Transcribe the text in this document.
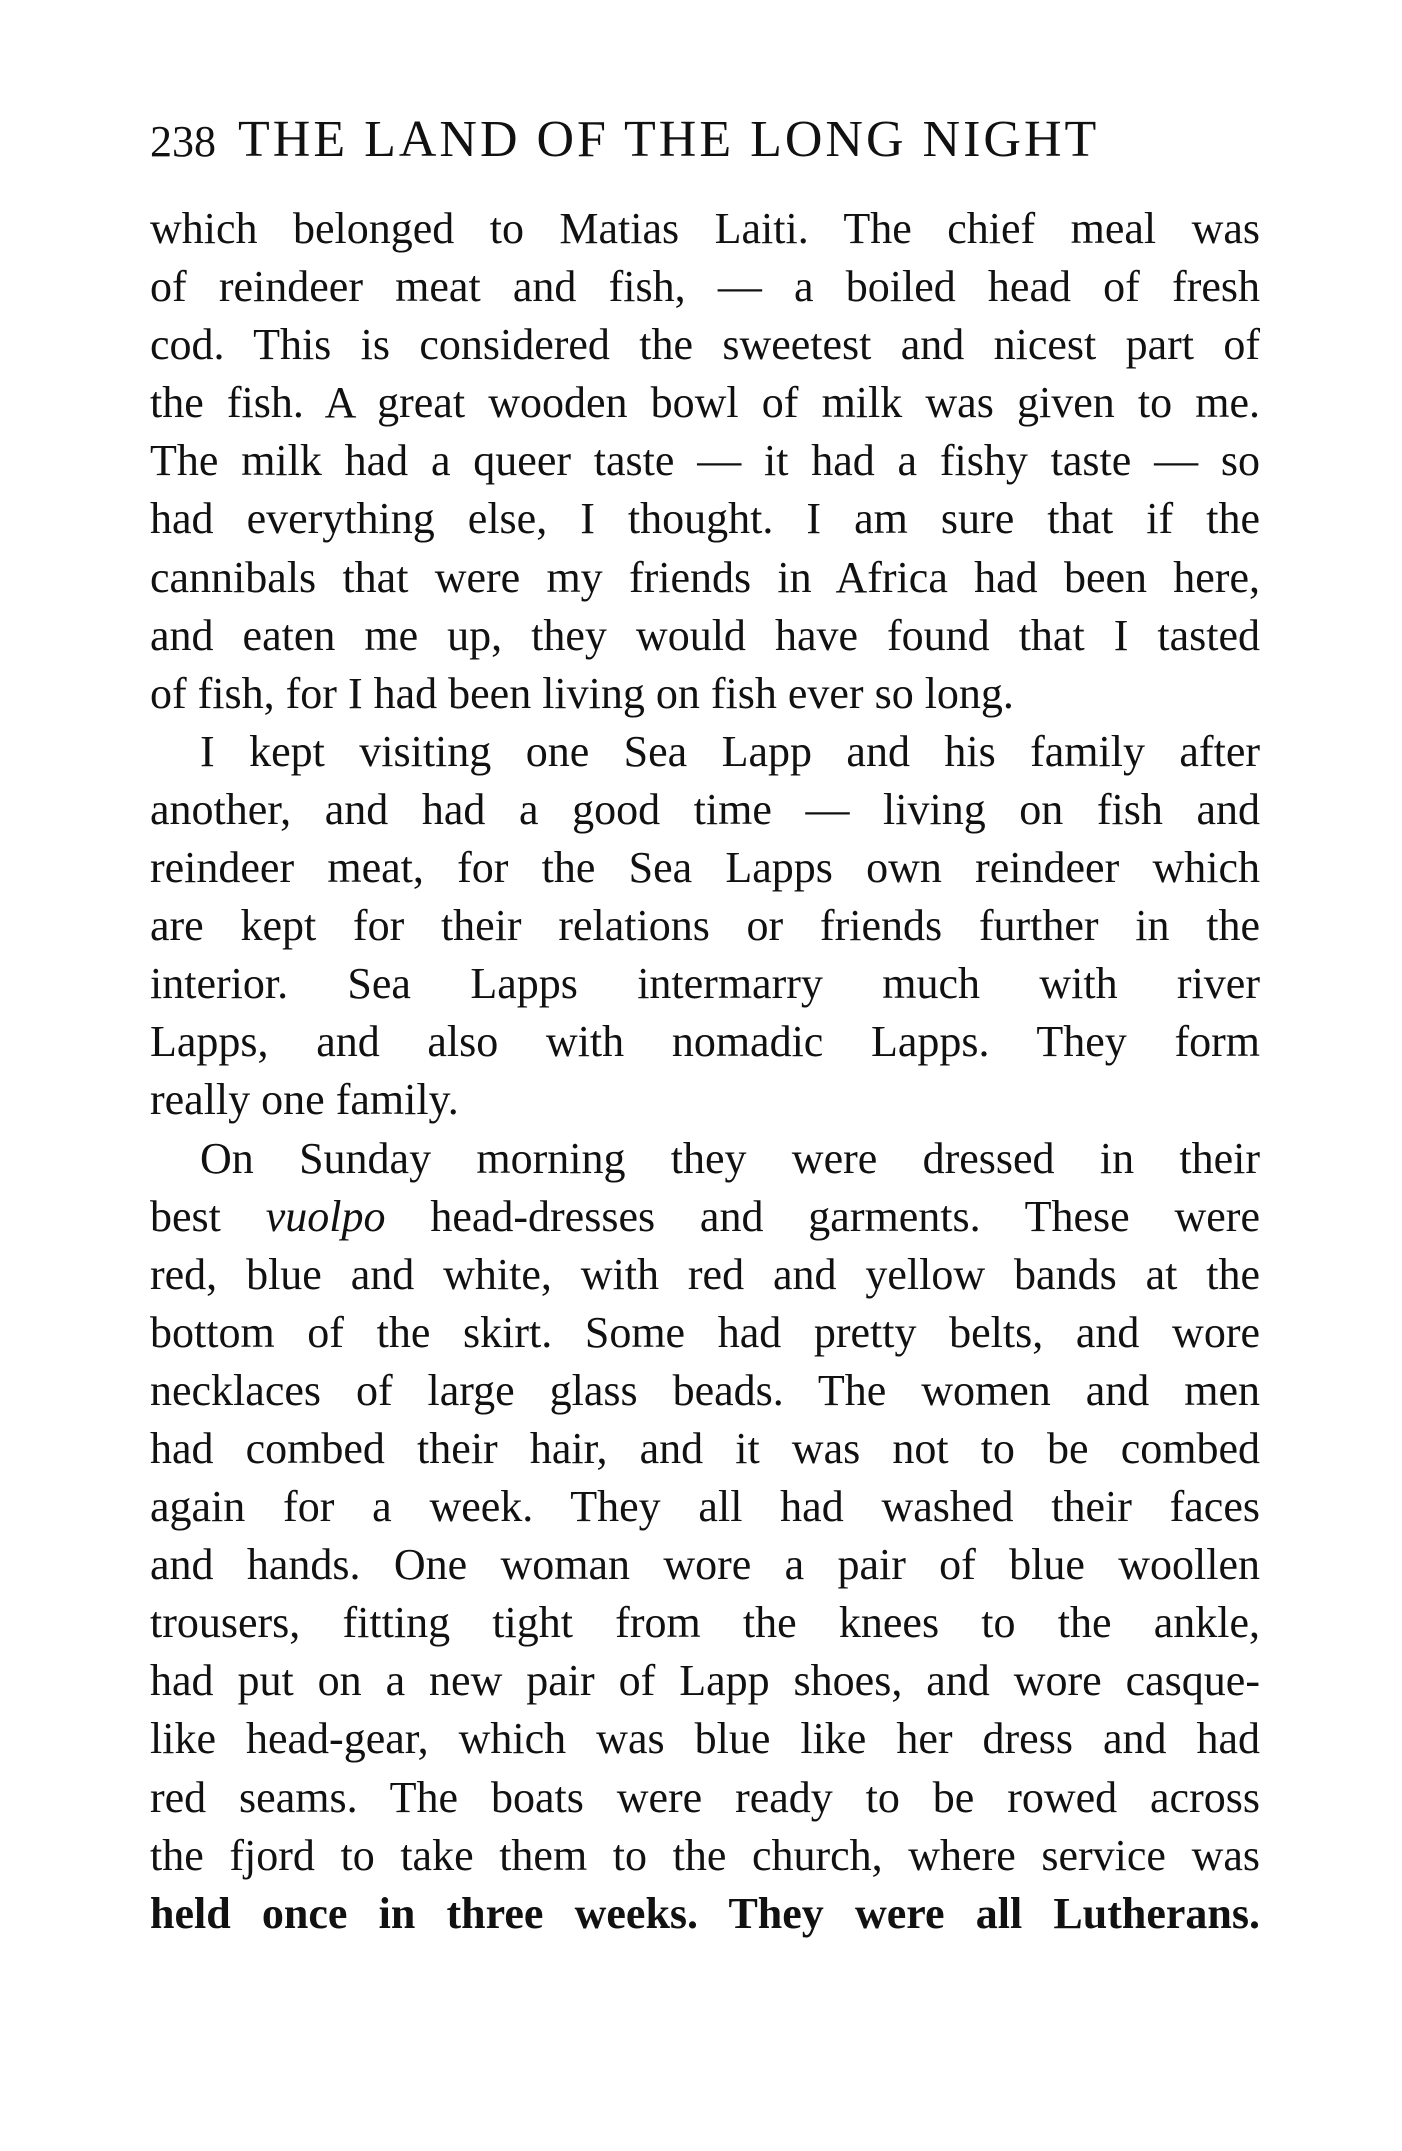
238 THE LAND OF THE LONG NIGHT
which belonged to Matias Laiti. The chief meal was
of reindeer meat and fish, — a boiled head of fresh
cod. This is considered the sweetest and nicest part of
the fish. A great wooden bowl of milk was given to me.
The milk had a queer taste — it had a fishy taste — so
had everything else, I thought. I am sure that if the
cannibals that were my friends in Africa had been here,
and eaten me up, they would have found that I tasted
of fish, for I had been living on fish ever so long.
I kept visiting one Sea Lapp and his family after
another, and had a good time — living on fish and
reindeer meat, for the Sea Lapps own reindeer which
are kept for their relations or friends further in the
interior. Sea Lapps intermarry much with river
Lapps, and also with nomadic Lapps. They form
really one family.
On Sunday morning they were dressed in their
best vuolpo head-dresses and garments. These were
red, blue and white, with red and yellow bands at the
bottom of the skirt. Some had pretty belts, and wore
necklaces of large glass beads. The women and men
had combed their hair, and it was not to be combed
again for a week. They all had washed their faces
and hands. One woman wore a pair of blue woollen
trousers, fitting tight from the knees to the ankle,
had put on a new pair of Lapp shoes, and wore casque-
like head-gear, which was blue like her dress and had
red seams. The boats were ready to be rowed across
the fjord to take them to the church, where service was
held once in three weeks. They were all Lutherans.
